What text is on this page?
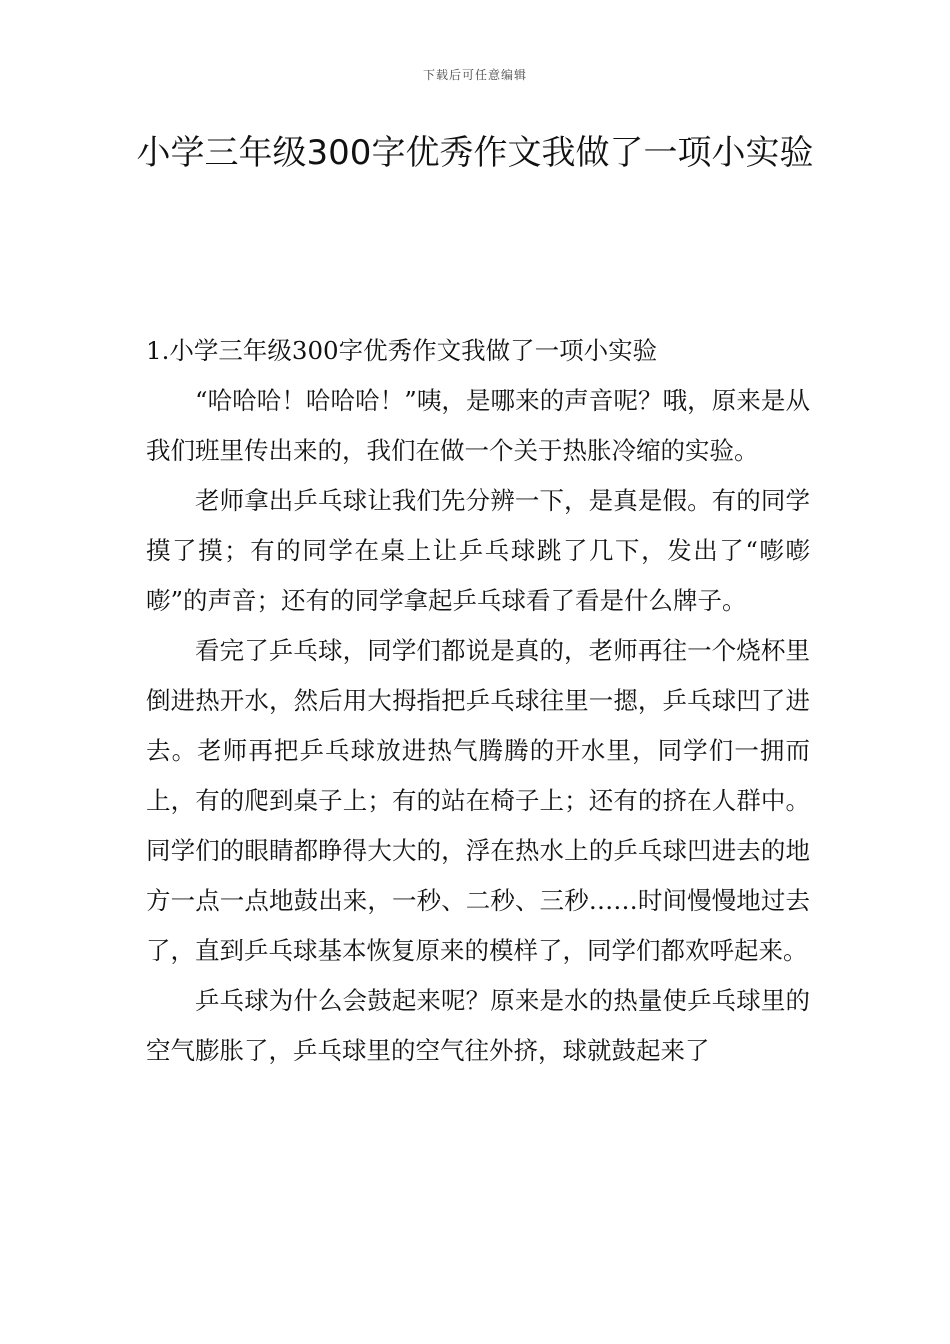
下载后可任意编辑
小学三年级300字优秀作文我做了一项小实验
1.小学三年级300字优秀作文我做了一项小实验

“哈哈哈！哈哈哈！”咦，是哪来的声音呢？哦，原来是从我们班里传出来的，我们在做一个关于热胀冷缩的实验。

老师拿出乒乓球让我们先分辨一下，是真是假。有的同学摸了摸；有的同学在桌上让乒乓球跳了几下，发出了“嘭嘭嘭”的声音；还有的同学拿起乒乓球看了看是什么牌子。

看完了乒乓球，同学们都说是真的，老师再往一个烧杯里倒进热开水，然后用大拇指把乒乓球往里一摁，乒乓球凹了进去。老师再把乒乓球放进热气腾腾的开水里，同学们一拥而上，有的爬到桌子上；有的站在椅子上；还有的挤在人群中。同学们的眼睛都睁得大大的，浮在热水上的乒乓球凹进去的地方一点一点地鼓出来，一秒、二秒、三秒……时间慢慢地过去了，直到乒乓球基本恢复原来的模样了，同学们都欢呼起来。

乒乓球为什么会鼓起来呢？原来是水的热量使乒乓球里的空气膨胀了，乒乓球里的空气往外挤，球就鼓起来了
